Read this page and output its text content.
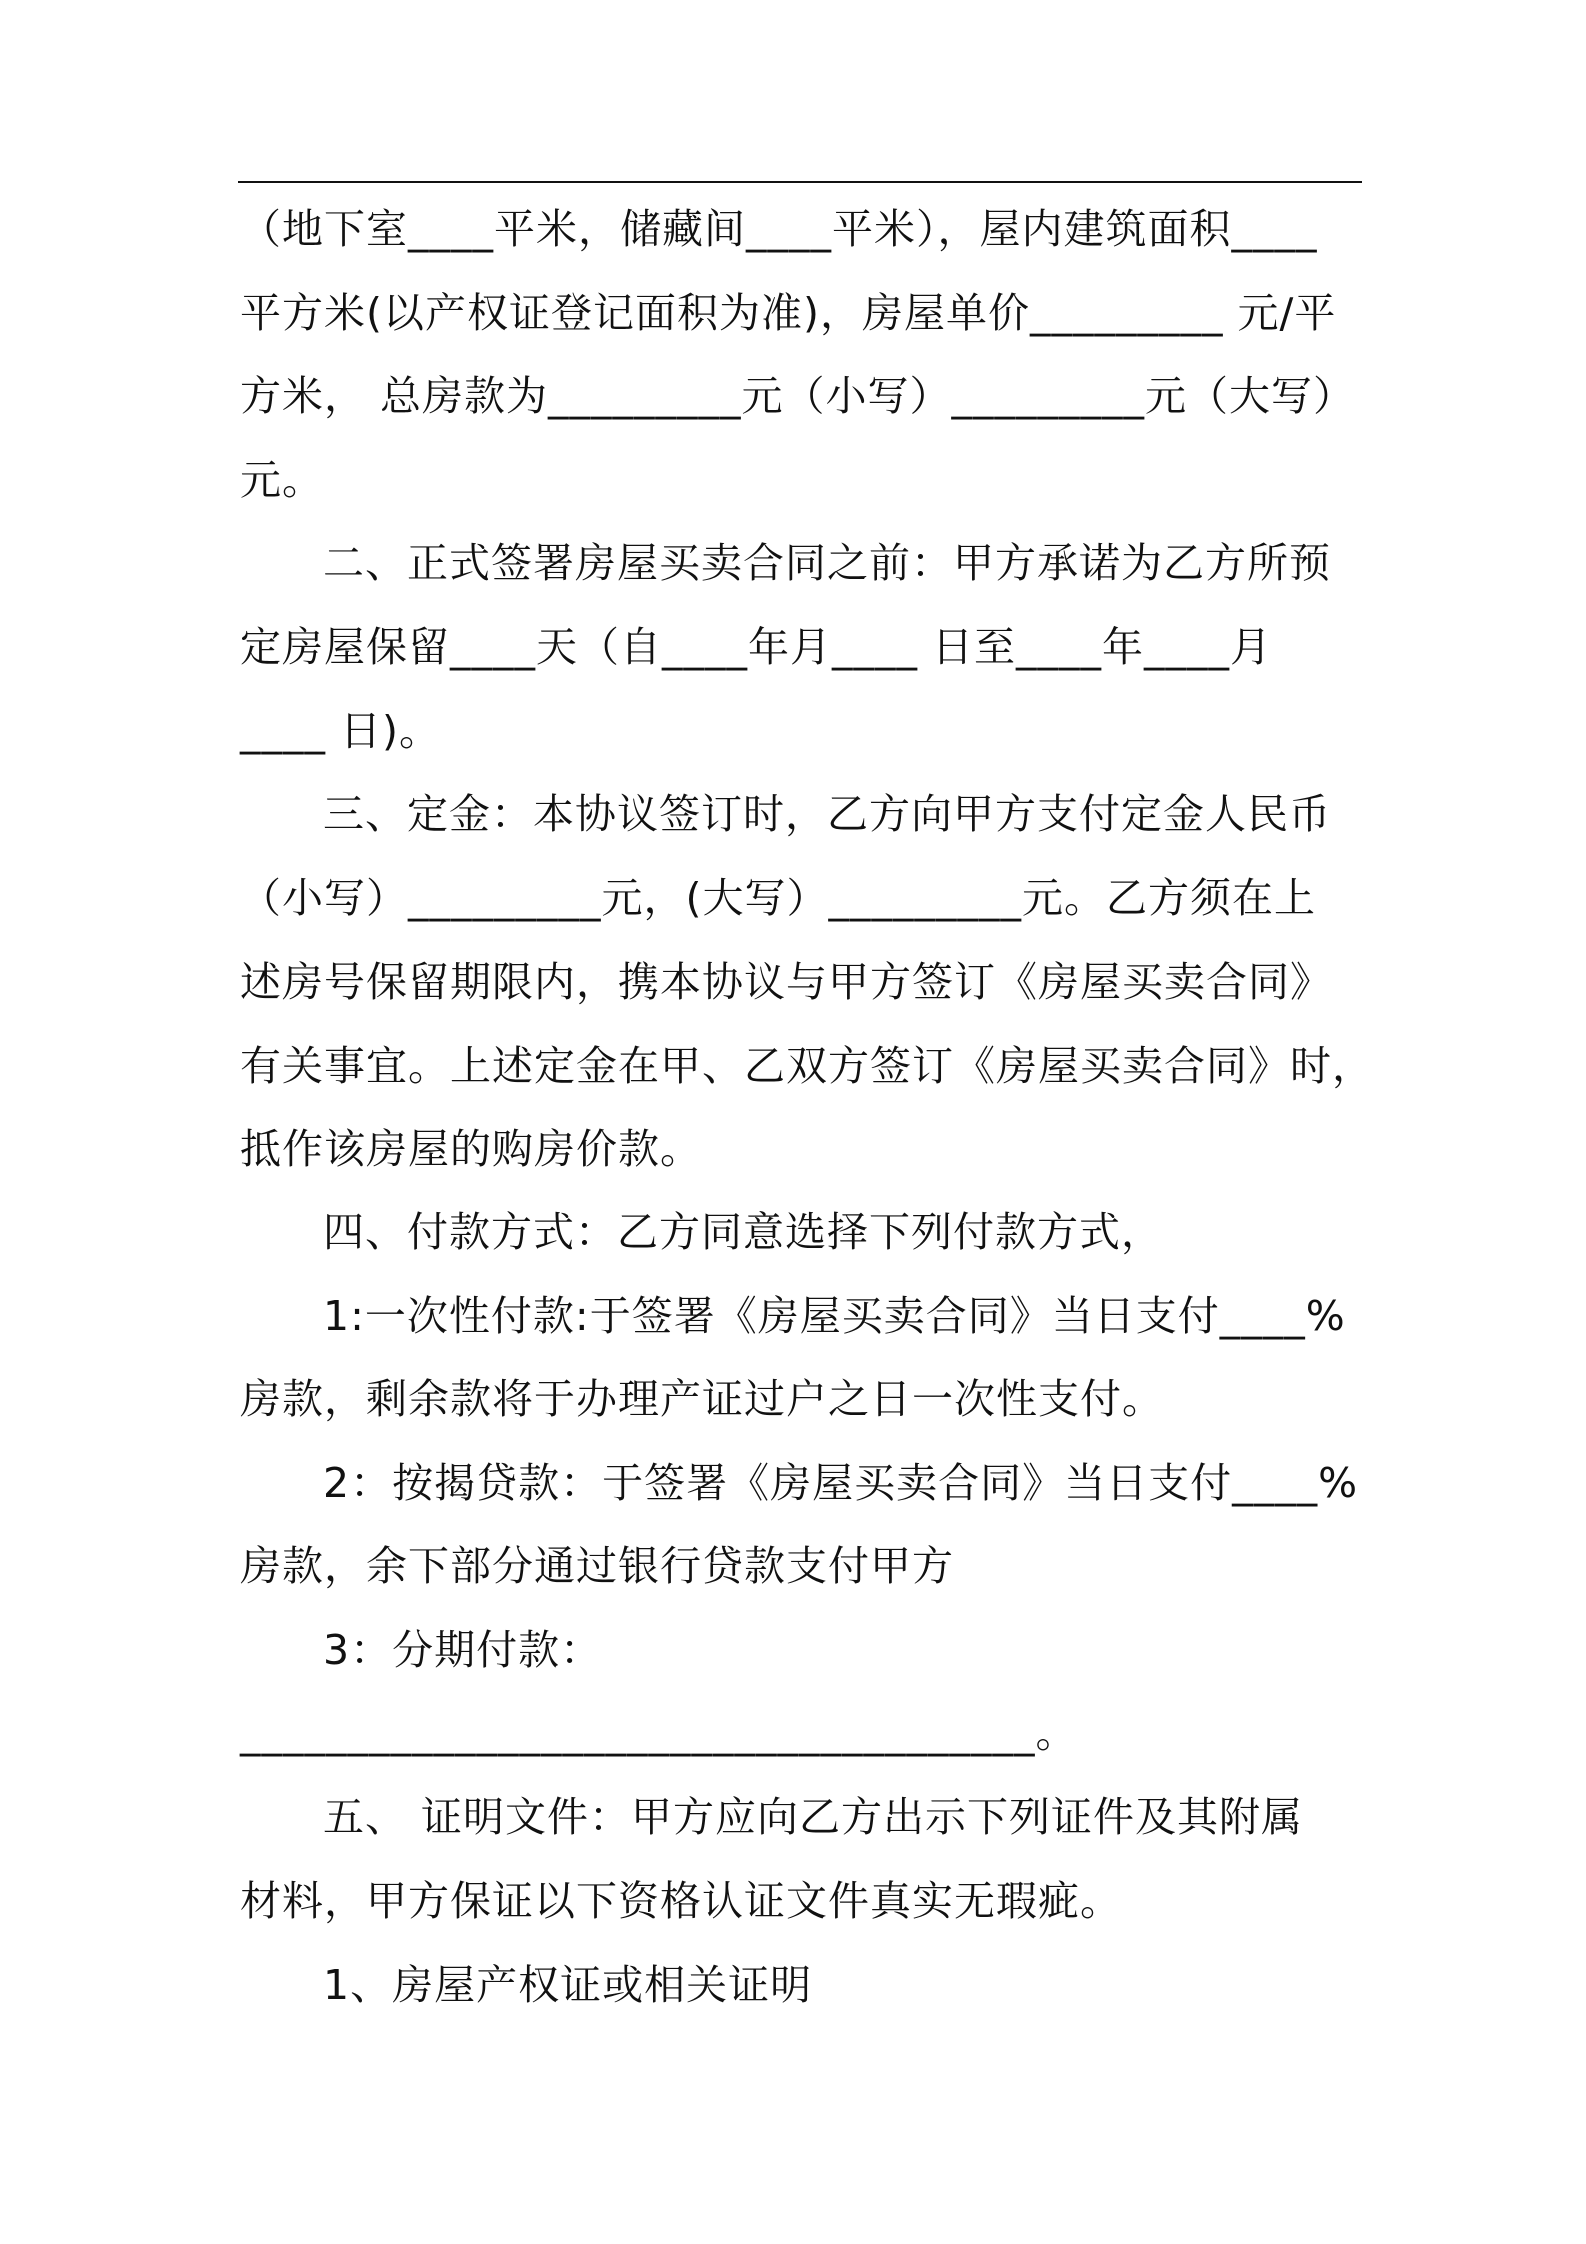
（地下室____平米，储藏间____平米），屋内建筑面积____
平方米(以产权证登记面积为准)，房屋单价_________ 元/平
方米， 总房款为_________元（小写）_________元（大写）
元。
二、正式签署房屋买卖合同之前：甲方承诺为乙方所预
定房屋保留____天（自____年月____ 日至____年____月
____ 日)。
三、定金：本协议签订时，乙方向甲方支付定金人民币
（小写）_________元，(大写）_________元。乙方须在上
述房号保留期限内，携本协议与甲方签订《房屋买卖合同》
有关事宜。上述定金在甲、乙双方签订《房屋买卖合同》时，
抵作该房屋的购房价款。
四、付款方式：乙方同意选择下列付款方式，
1:一次性付款:于签署《房屋买卖合同》当日支付____%
房款，剩余款将于办理产证过户之日一次性支付。
2：按揭贷款：于签署《房屋买卖合同》当日支付____%
房款，余下部分通过银行贷款支付甲方
3：分期付款：
_____________________________________。
五、 证明文件：甲方应向乙方出示下列证件及其附属
材料，甲方保证以下资格认证文件真实无瑕疵。
1、房屋产权证或相关证明
